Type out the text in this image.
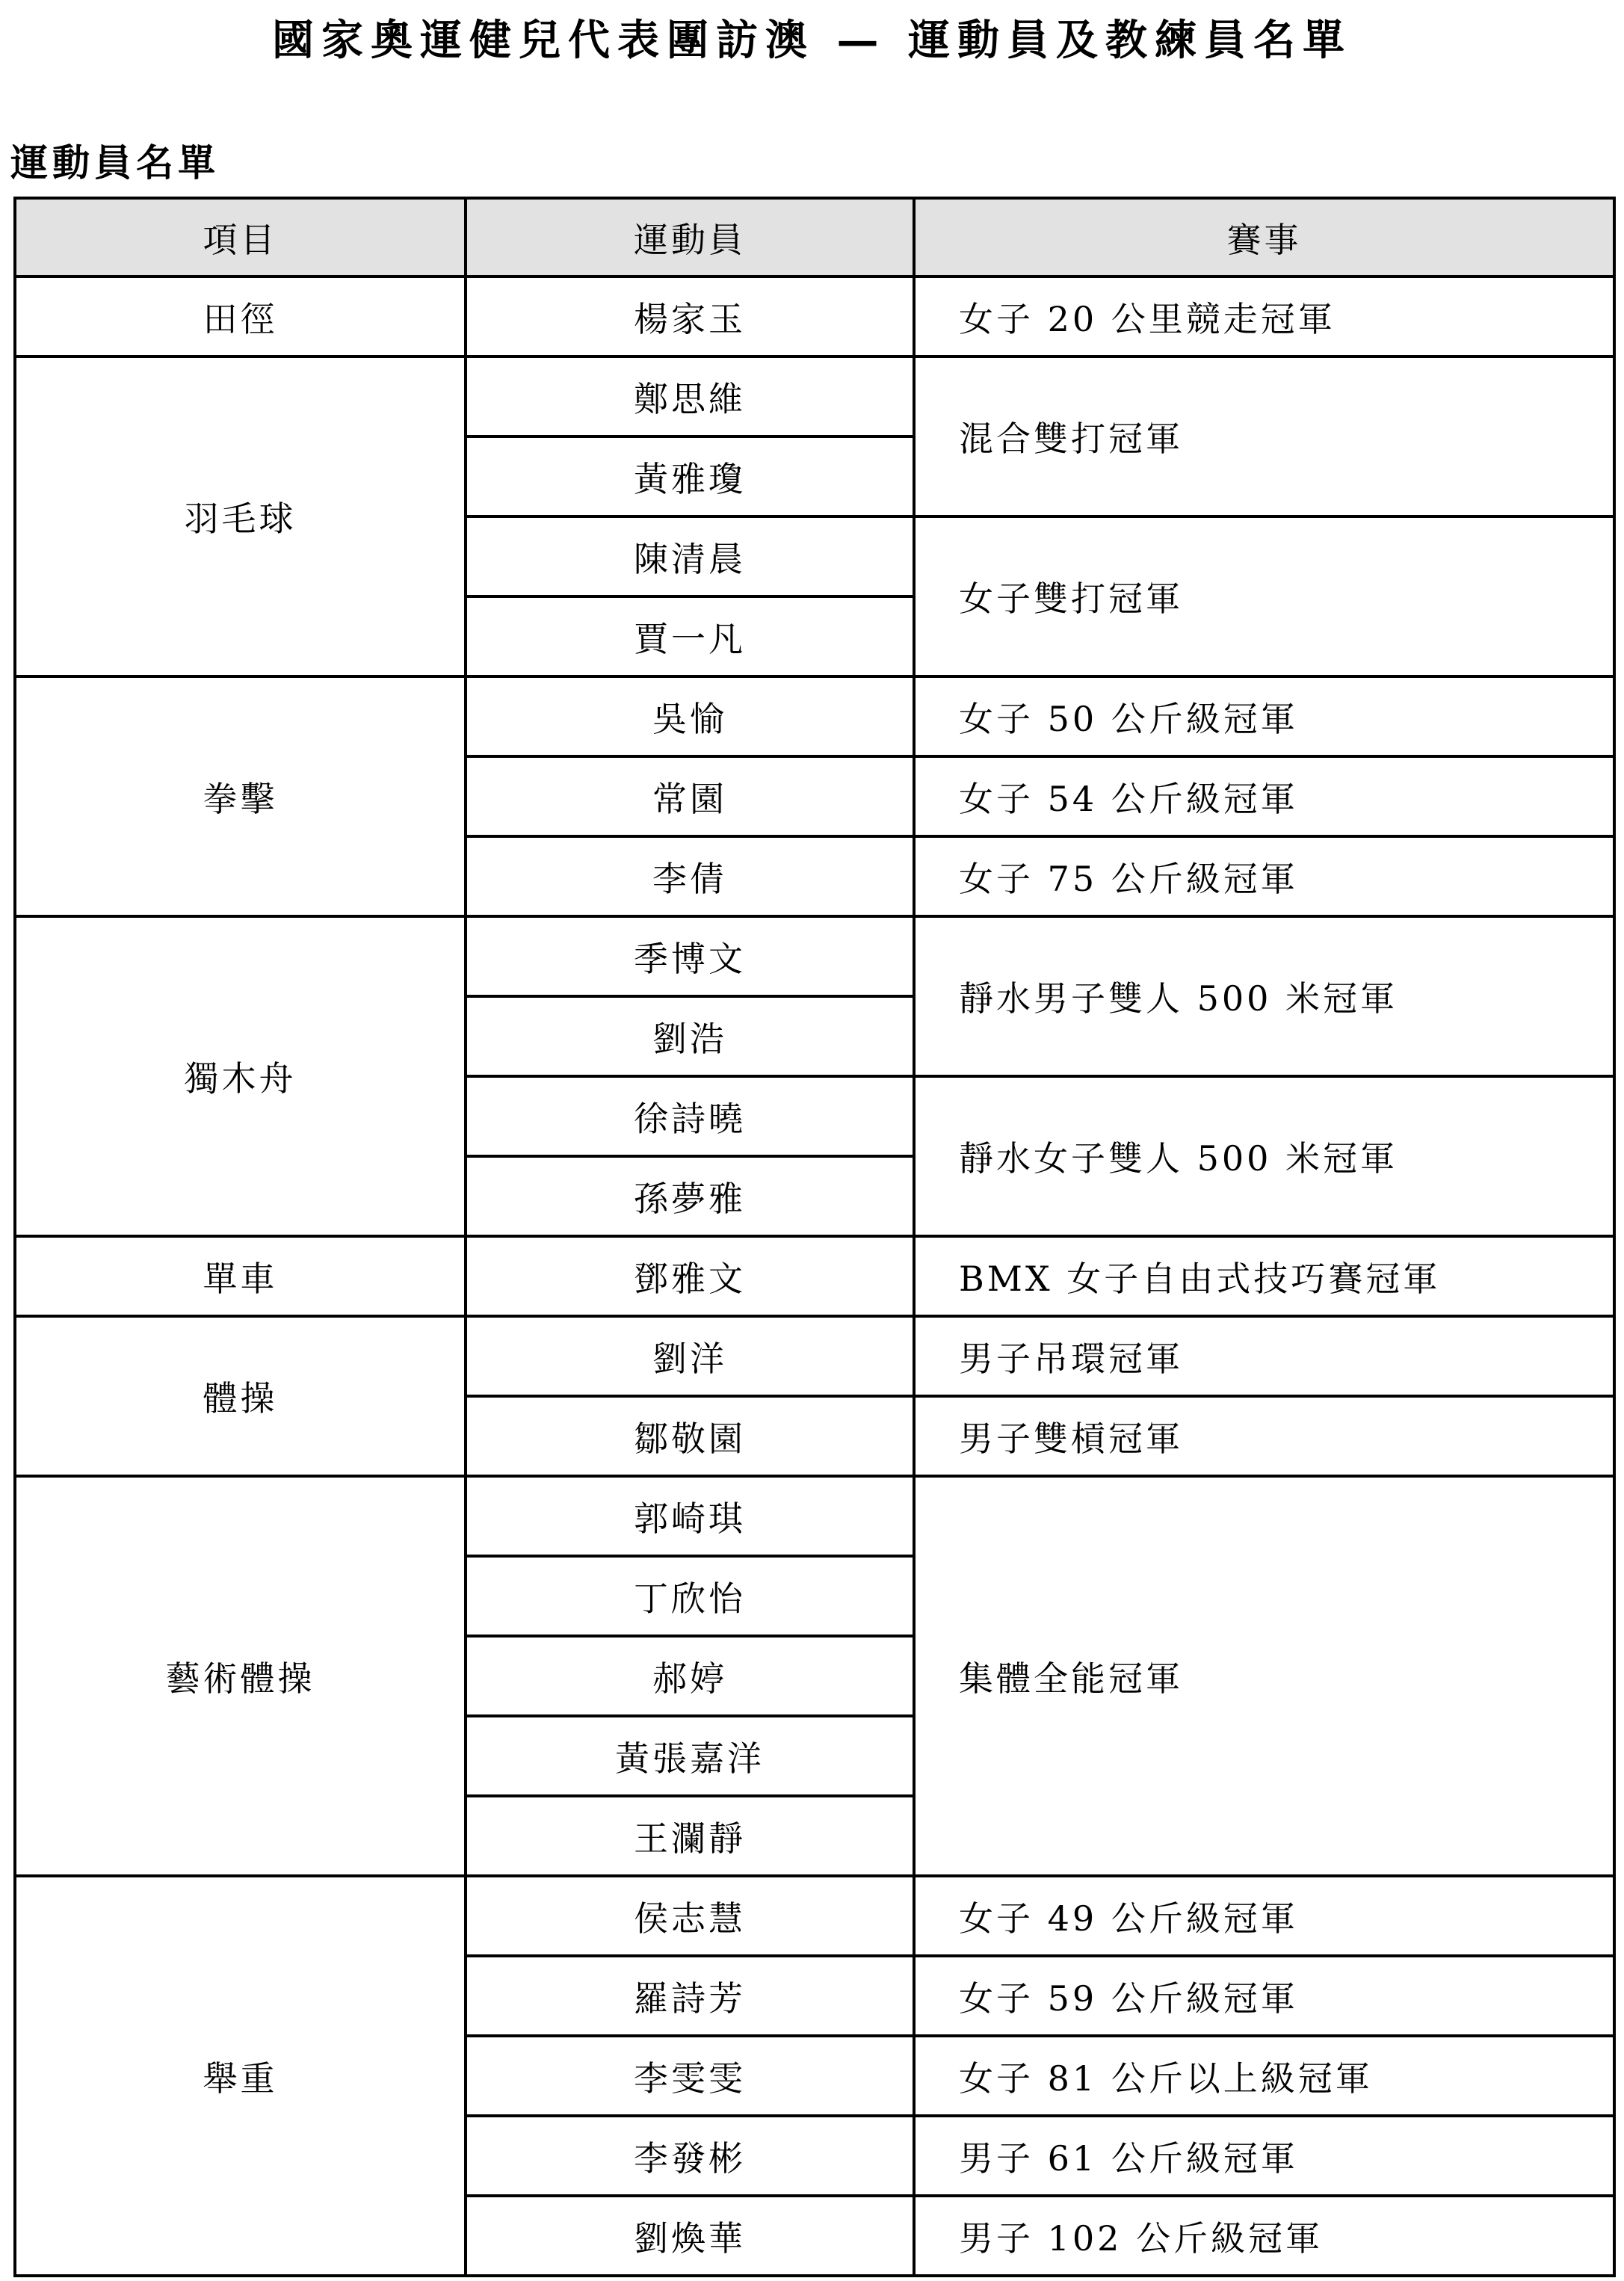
國家奧運健兒代表團訪澳 — 運動員及教練員名單
運動員名單
項目	運動員	賽事
田徑	楊家玉	女子 20 公里競走冠軍
羽毛球	鄭思維	混合雙打冠軍
	黃雅瓊	
	陳清晨	女子雙打冠軍
	賈一凡	
拳擊	吳愉	女子 50 公斤級冠軍
	常園	女子 54 公斤級冠軍
	李倩	女子 75 公斤級冠軍
獨木舟	季博文	靜水男子雙人 500 米冠軍
	劉浩	
	徐詩曉	靜水女子雙人 500 米冠軍
	孫夢雅	
單車	鄧雅文	BMX 女子自由式技巧賽冠軍
體操	劉洋	男子吊環冠軍
	鄒敬園	男子雙槓冠軍
藝術體操	郭崎琪	集體全能冠軍
	丁欣怡	
	郝婷	
	黃張嘉洋	
	王瀾靜	
舉重	侯志慧	女子 49 公斤級冠軍
	羅詩芳	女子 59 公斤級冠軍
	李雯雯	女子 81 公斤以上級冠軍
	李發彬	男子 61 公斤級冠軍
	劉煥華	男子 102 公斤級冠軍
